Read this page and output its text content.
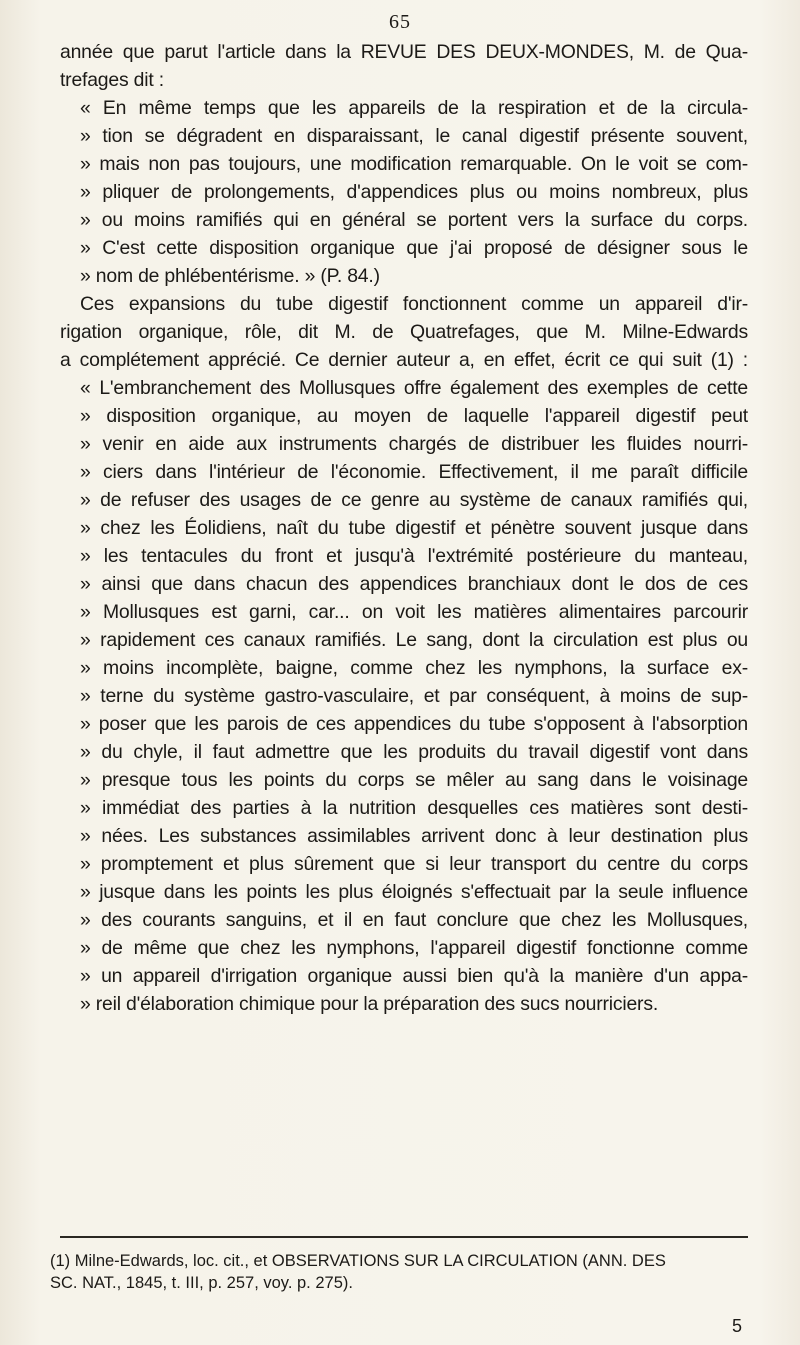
65
année que parut l'article dans la REVUE DES DEUX-MONDES, M. de Qua-
trefages dit :
« En même temps que les appareils de la respiration et de la circula-
» tion se dégradent en disparaissant, le canal digestif présente souvent,
» mais non pas toujours, une modification remarquable. On le voit se com-
» pliquer de prolongements, d'appendices plus ou moins nombreux, plus
» ou moins ramifiés qui en général se portent vers la surface du corps.
» C'est cette disposition organique que j'ai proposé de désigner sous le
» nom de phlébentérisme. » (P. 84.)
Ces expansions du tube digestif fonctionnent comme un appareil d'ir-
rigation organique, rôle, dit M. de Quatrefages, que M. Milne-Edwards
a complétement apprécié. Ce dernier auteur a, en effet, écrit ce qui suit (1) :
« L'embranchement des Mollusques offre également des exemples de cette
» disposition organique, au moyen de laquelle l'appareil digestif peut
» venir en aide aux instruments chargés de distribuer les fluides nourri-
» ciers dans l'intérieur de l'économie. Effectivement, il me paraît difficile
» de refuser des usages de ce genre au système de canaux ramifiés qui,
» chez les Éolidiens, naît du tube digestif et pénètre souvent jusque dans
» les tentacules du front et jusqu'à l'extrémité postérieure du manteau,
» ainsi que dans chacun des appendices branchiaux dont le dos de ces
» Mollusques est garni, car... on voit les matières alimentaires parcourir
» rapidement ces canaux ramifiés. Le sang, dont la circulation est plus ou
» moins incomplète, baigne, comme chez les nymphons, la surface ex-
» terne du système gastro-vasculaire, et par conséquent, à moins de sup-
» poser que les parois de ces appendices du tube s'opposent à l'absorption
» du chyle, il faut admettre que les produits du travail digestif vont dans
» presque tous les points du corps se mêler au sang dans le voisinage
» immédiat des parties à la nutrition desquelles ces matières sont desti-
» nées. Les substances assimilables arrivent donc à leur destination plus
» promptement et plus sûrement que si leur transport du centre du corps
» jusque dans les points les plus éloignés s'effectuait par la seule influence
» des courants sanguins, et il en faut conclure que chez les Mollusques,
» de même que chez les nymphons, l'appareil digestif fonctionne comme
» un appareil d'irrigation organique aussi bien qu'à la manière d'un appa-
» reil d'élaboration chimique pour la préparation des sucs nourriciers.
(1) Milne-Edwards, loc. cit., et OBSERVATIONS SUR LA CIRCULATION (ANN. DES
SC. NAT., 1845, t. III, p. 257, voy. p. 275).
5
